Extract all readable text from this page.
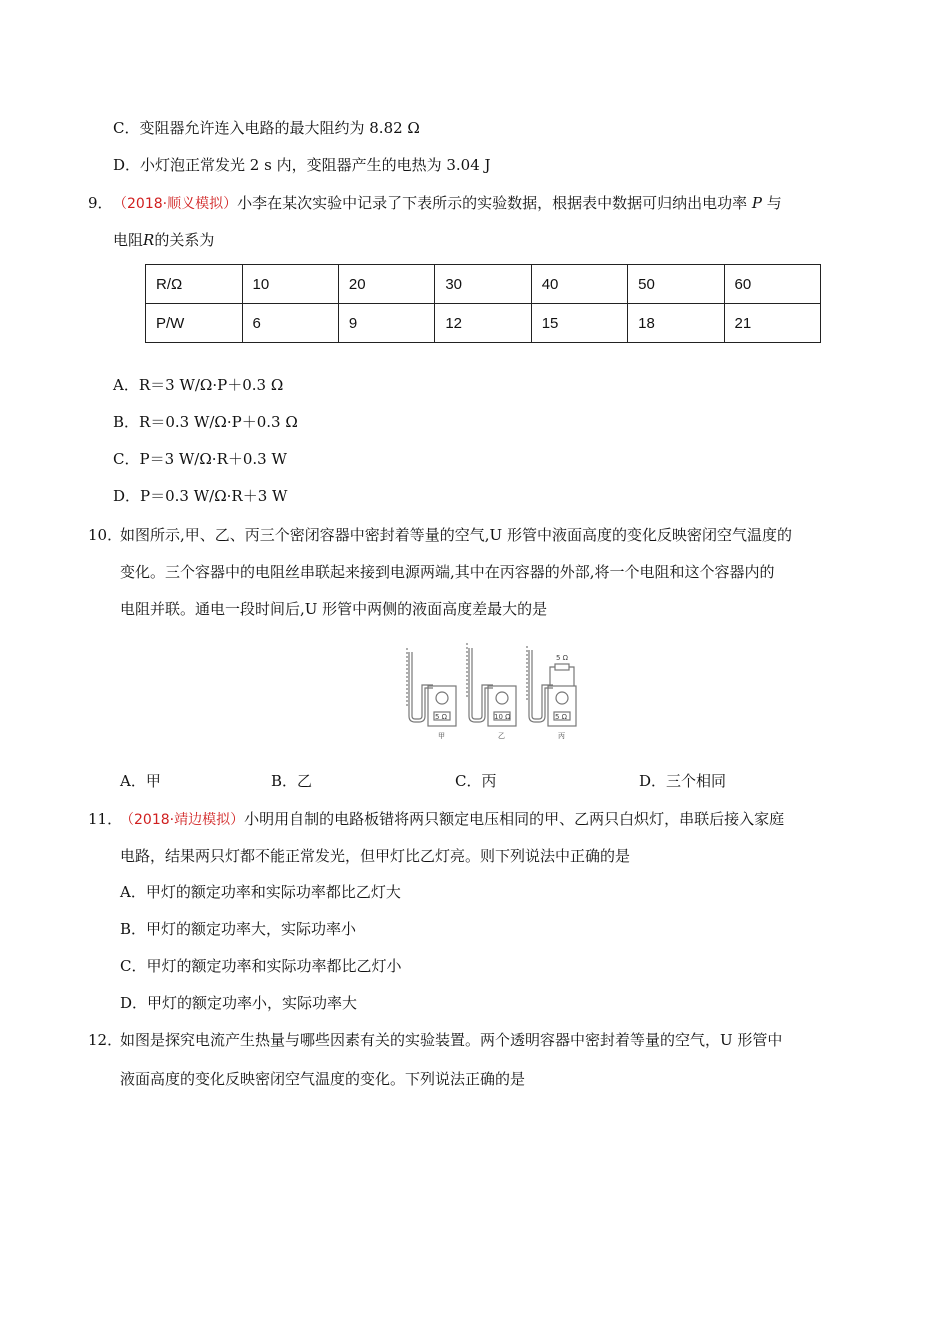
C．变阻器允许连入电路的最大阻约为 8.82 Ω
D．小灯泡正常发光 2 s 内，变阻器产生的电热为 3.04 J
9． （2018·顺义模拟）小李在某次实验中记录了下表所示的实验数据，根据表中数据可归纳出电功率 P 与
电阻R的关系为
R/Ω	10	20	30	40	50	60
P/W	6	9	12	15	18	21
A．R＝3 W/Ω·P＋0.3 Ω
B．R＝0.3 W/Ω·P＋0.3 Ω
C．P＝3 W/Ω·R＋0.3 W
D．P＝0.3 W/Ω·R＋3 W
10．
如图所示,甲、乙、丙三个密闭容器中密封着等量的空气,U 形管中液面高度的变化反映密闭空气温度的
变化。三个容器中的电阻丝串联起来接到电源两端,其中在丙容器的外部,将一个电阻和这个容器内的
电阻并联。通电一段时间后,U 形管中两侧的液面高度差最大的是
5 Ω	10 Ω	5 Ω
5 Ω
甲	乙	丙
A．甲	B．乙	C．丙	D．三个相同
11．
（2018·靖边模拟）小明用自制的电路板错将两只额定电压相同的甲、乙两只白炽灯，串联后接入家庭
电路，结果两只灯都不能正常发光，但甲灯比乙灯亮。则下列说法中正确的是
A．甲灯的额定功率和实际功率都比乙灯大
B．甲灯的额定功率大，实际功率小
C．甲灯的额定功率和实际功率都比乙灯小
D．甲灯的额定功率小，实际功率大
12．
如图是探究电流产生热量与哪些因素有关的实验装置。两个透明容器中密封着等量的空气，U 形管中
液面高度的变化反映密闭空气温度的变化。下列说法正确的是
